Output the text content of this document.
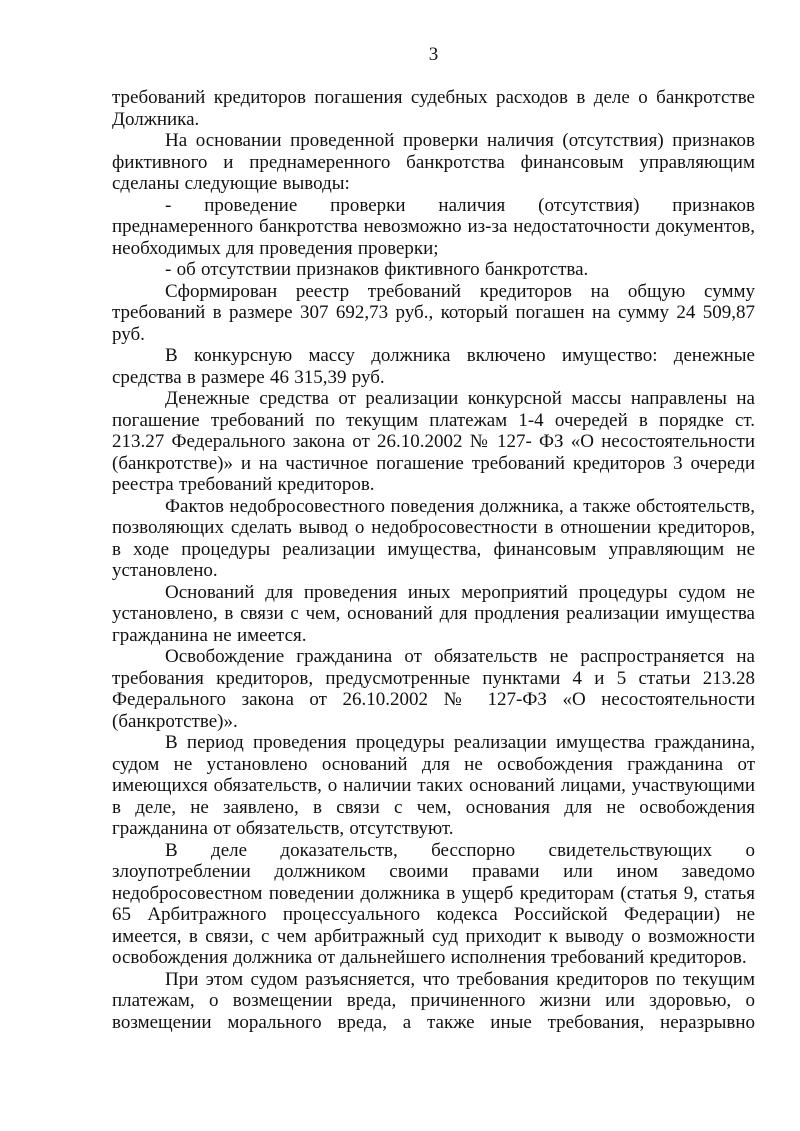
3

требований кредиторов погашения судебных расходов в деле о банкротстве Должника.

На основании проведенной проверки наличия (отсутствия) признаков фиктивного и преднамеренного банкротства финансовым управляющим сделаны следующие выводы:

- проведение проверки наличия (отсутствия) признаков преднамеренного банкротства невозможно из-за недостаточности документов, необходимых для проведения проверки;

- об отсутствии признаков фиктивного банкротства.

Сформирован реестр требований кредиторов на общую сумму требований в размере 307 692,73 руб., который погашен на сумму 24 509,87 руб.

В конкурсную массу должника включено имущество: денежные средства в размере 46 315,39 руб.

Денежные средства от реализации конкурсной массы направлены на погашение требований по текущим платежам 1-4 очередей в порядке ст. 213.27 Федерального закона от 26.10.2002 № 127- ФЗ «О несостоятельности (банкротстве)» и на частичное погашение требований кредиторов 3 очереди реестра требований кредиторов.

Фактов недобросовестного поведения должника, а также обстоятельств, позволяющих сделать вывод о недобросовестности в отношении кредиторов, в ходе процедуры реализации имущества, финансовым управляющим не установлено.

Оснований для проведения иных мероприятий процедуры судом не установлено, в связи с чем, оснований для продления реализации имущества гражданина не имеется.

Освобождение гражданина от обязательств не распространяется на требования кредиторов, предусмотренные пунктами 4 и 5 статьи 213.28 Федерального закона от 26.10.2002 № 127-ФЗ «О несостоятельности (банкротстве)».

В период проведения процедуры реализации имущества гражданина, судом не установлено оснований для не освобождения гражданина от имеющихся обязательств, о наличии таких оснований лицами, участвующими в деле, не заявлено, в связи с чем, основания для не освобождения гражданина от обязательств, отсутствуют.

В деле доказательств, бесспорно свидетельствующих о злоупотреблении должником своими правами или ином заведомо недобросовестном поведении должника в ущерб кредиторам (статья 9, статья 65 Арбитражного процессуального кодекса Российской Федерации) не имеется, в связи, с чем арбитражный суд приходит к выводу о возможности освобождения должника от дальнейшего исполнения требований кредиторов.

При этом судом разъясняется, что требования кредиторов по текущим платежам, о возмещении вреда, причиненного жизни или здоровью, о возмещении морального вреда, а также иные требования, неразрывно
